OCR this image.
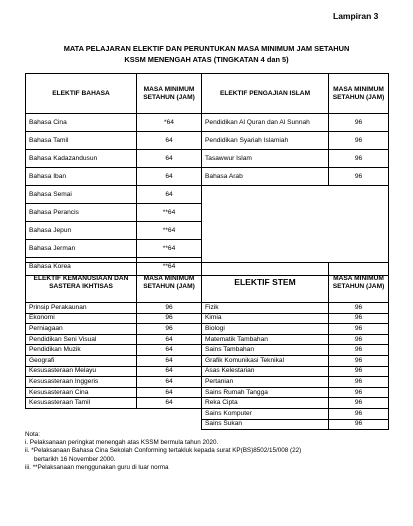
Lampiran 3
MATA PELAJARAN ELEKTIF DAN PERUNTUKAN MASA MINIMUM JAM SETAHUN
KSSM MENENGAH ATAS (TINGKATAN 4 dan 5)
ELEKTIF BAHASA	MASA MINIMUM SETAHUN (JAM)	ELEKTIF PENGAJIAN ISLAM	MASA MINIMUM SETAHUN (JAM)
Bahasa Cina	*64	Pendidikan Al Quran dan Al Sunnah	96
Bahasa Tamil	64	Pendidikan Syariah Islamiah	96
Bahasa Kadazandusun	64	Tasawwur Islam	96
Bahasa Iban	64	Bahasa Arab	96
Bahasa Semai	64		
Bahasa Perancis	**64		
Bahasa Jepun	**64		
Bahasa Jerman	**64		
Bahasa Korea	**64		
ELEKTIF KEMANUSIAAN DAN SASTERA IKHTISAS	MASA MINIMUM SETAHUN (JAM)	ELEKTIF STEM	MASA MINIMUM SETAHUN (JAM)
Prinsip Perakaunan	96	Fizik	96
Ekonomi	96	Kimia	96
Perniagaan	96	Biologi	96
Pendidikan Seni Visual	64	Matematik Tambahan	96
Pendidikan Muzik	64	Sains Tambahan	96
Geografi	64	Grafik Komunikasi Teknikal	96
Kesusasteraan Melayu	64	Asas Kelestarian	96
Kesusasteraan Inggeris	64	Pertanian	96
Kesusasteraan Cina	64	Sains Rumah Tangga	96
Kesusasteraan Tamil	64	Reka Cipta	96
		Sains Komputer	96
		Sains Sukan	96
Nota:
i. Pelaksanaan peringkat menengah atas KSSM bermula tahun 2020.
ii. *Pelaksanaan Bahasa Cina Sekolah Conforming tertakluk kepada surat KP(BS)8502/15/008 (22)
bertarikh 16 November 2000.
iii. **Pelaksanaan menggunakan guru di luar norma
